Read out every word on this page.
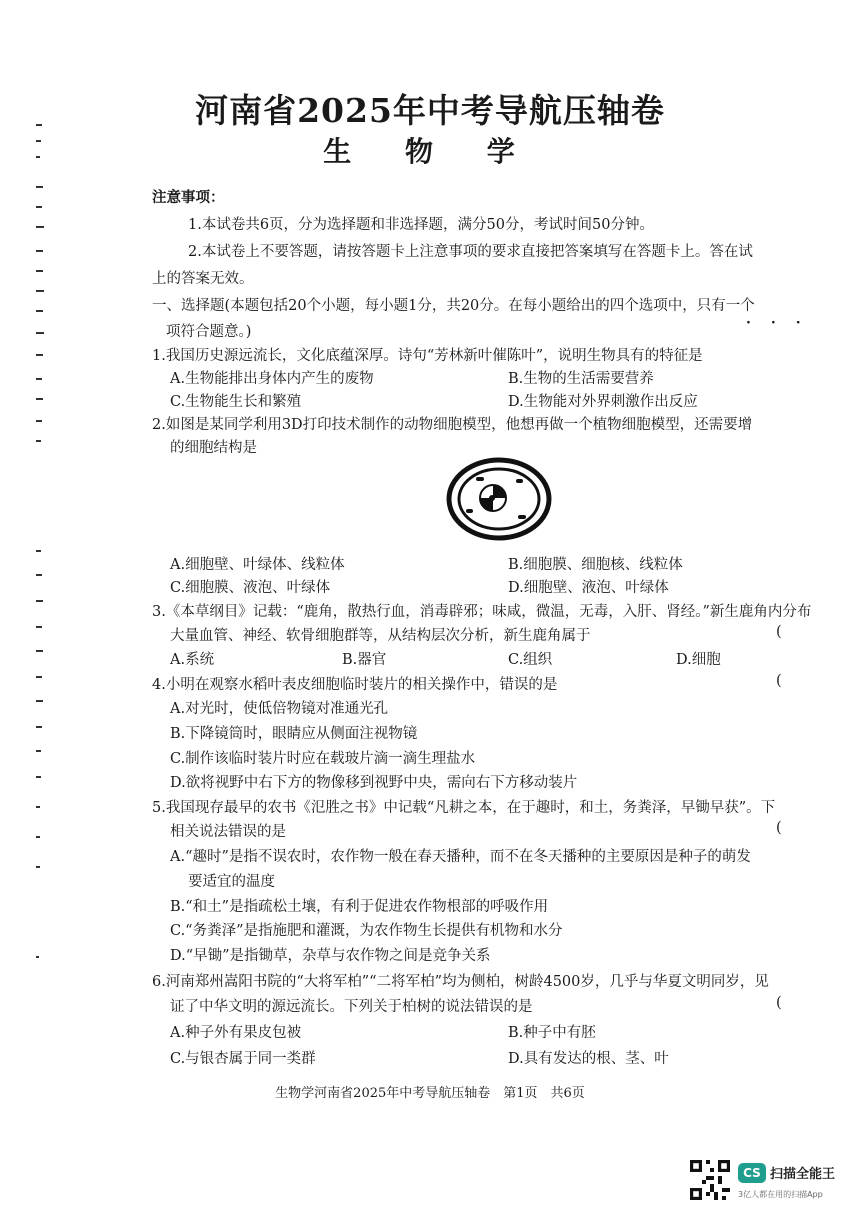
河南省2025年中考导航压轴卷
生 物 学
注意事项：
1.本试卷共6页，分为选择题和非选择题，满分50分，考试时间50分钟。
2.本试卷上不要答题，请按答题卡上注意事项的要求直接把答案填写在答题卡上。答在试
上的答案无效。
一、选择题(本题包括20个小题，每小题1分，共20分。在每小题给出的四个选项中，只有一个
···
项符合题意。)
1.我国历史源远流长，文化底蕴深厚。诗句“芳林新叶催陈叶”，说明生物具有的特征是
A.生物能排出身体内产生的废物	B.生物的生活需要营养
C.生物能生长和繁殖	D.生物能对外界刺激作出反应
2.如图是某同学利用3D打印技术制作的动物细胞模型，他想再做一个植物细胞模型，还需要增
的细胞结构是
A.细胞壁、叶绿体、线粒体	B.细胞膜、细胞核、线粒体
C.细胞膜、液泡、叶绿体	D.细胞壁、液泡、叶绿体
3.《本草纲目》记载：“鹿角，散热行血，消毒辟邪；味咸，微温，无毒，入肝、肾经。”新生鹿角内分布
大量血管、神经、软骨细胞群等，从结构层次分析，新生鹿角属于	(
A.系统	B.器官	C.组织	D.细胞
4.小明在观察水稻叶表皮细胞临时装片的相关操作中，错误的是	(
A.对光时，使低倍物镜对准通光孔
B.下降镜筒时，眼睛应从侧面注视物镜
C.制作该临时装片时应在载玻片滴一滴生理盐水
D.欲将视野中右下方的物像移到视野中央，需向右下方移动装片
5.我国现存最早的农书《氾胜之书》中记载“凡耕之本，在于趣时，和土，务粪泽，早锄早获”。下
相关说法错误的是	(
A.“趣时”是指不误农时，农作物一般在春天播种，而不在冬天播种的主要原因是种子的萌发
要适宜的温度
B.“和土”是指疏松土壤，有利于促进农作物根部的呼吸作用
C.“务粪泽”是指施肥和灌溉，为农作物生长提供有机物和水分
D.“早锄”是指锄草，杂草与农作物之间是竞争关系
6.河南郑州嵩阳书院的“大将军柏”“二将军柏”均为侧柏，树龄4500岁，几乎与华夏文明同岁，见
证了中华文明的源远流长。下列关于柏树的说法错误的是	(
A.种子外有果皮包被	B.种子中有胚
C.与银杏属于同一类群	D.具有发达的根、茎、叶
生物学河南省2025年中考导航压轴卷　第1页　共6页
CS 扫描全能王
3亿人都在用的扫描App
